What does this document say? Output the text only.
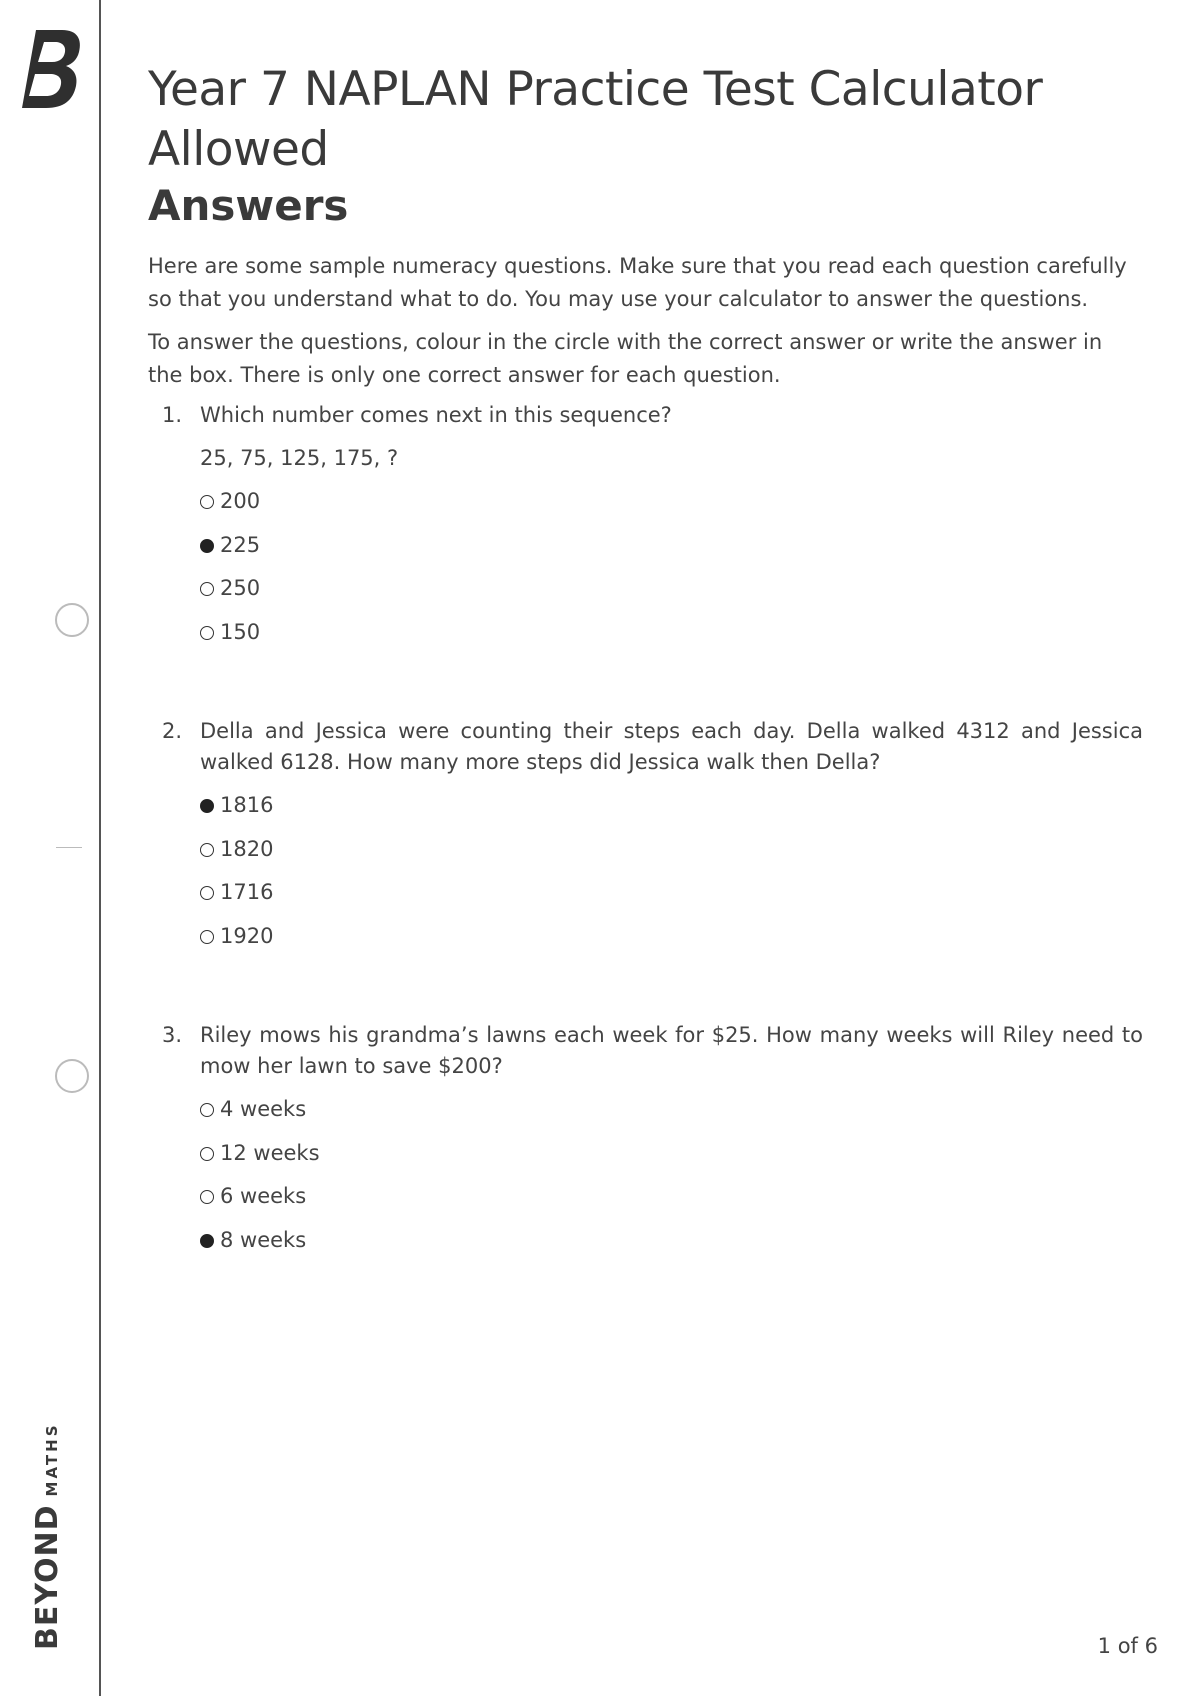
BEYONDMATHS
Year 7 NAPLAN Practice Test Calculator Allowed
Answers

Here are some sample numeracy questions. Make sure that you read each question carefully so that you understand what to do. You may use your calculator to answer the questions.

To answer the questions, colour in the circle with the correct answer or write the answer in the box. There is only one correct answer for each question.

1. Which number comes next in this sequence?

25, 75, 125, 175, ?

200
225
250
150
2. Della and Jessica were counting their steps each day. Della walked 4312 and Jessica walked 6128. How many more steps did Jessica walk then Della?

1816
1820
1716
1920
3. Riley mows his grandma’s lawns each week for $25. How many weeks will Riley need to mow her lawn to save $200?

4 weeks
12 weeks
6 weeks
8 weeks
1 of 6
